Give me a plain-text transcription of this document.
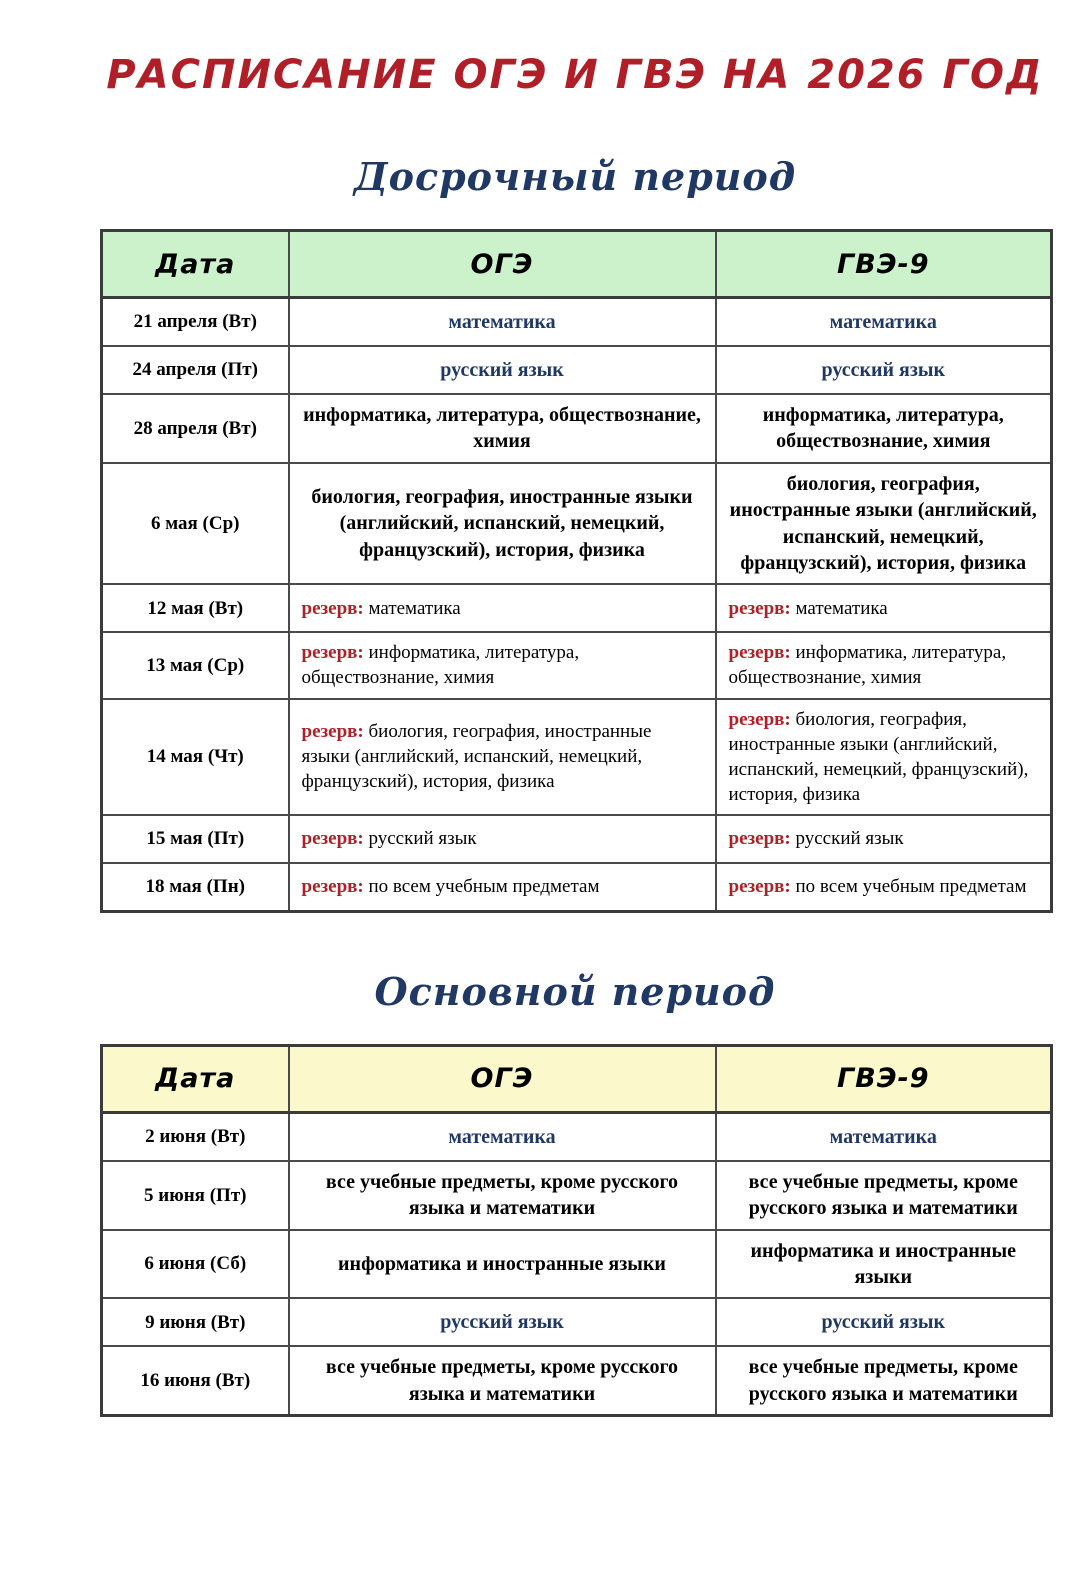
РАСПИСАНИЕ ОГЭ И ГВЭ НА 2026 ГОД
Досрочный период
Дата	ОГЭ	ГВЭ-9
21 апреля (Вт)	математика	математика
24 апреля (Пт)	русский язык	русский язык
28 апреля (Вт)	информатика, литература, обществознание, химия	информатика, литература, обществознание, химия
6 мая (Ср)	биология, география, иностранные языки (английский, испанский, немецкий, французский), история, физика	биология, география, иностранные языки (английский, испанский, немецкий, французский), история, физика
12 мая (Вт)	резерв: математика	резерв: математика
13 мая (Ср)	резерв: информатика, литература, обществознание, химия	резерв: информатика, литература, обществознание, химия
14 мая (Чт)	резерв: биология, география, иностранные языки (английский, испанский, немецкий, французский), история, физика	резерв: биология, география, иностранные языки (английский, испанский, немецкий, французский), история, физика
15 мая (Пт)	резерв: русский язык	резерв: русский язык
18 мая (Пн)	резерв: по всем учебным предметам	резерв: по всем учебным предметам
Основной период
Дата	ОГЭ	ГВЭ-9
2 июня (Вт)	математика	математика
5 июня (Пт)	все учебные предметы, кроме русского языка и математики	все учебные предметы, кроме русского языка и математики
6 июня (Сб)	информатика и иностранные языки	информатика и иностранные языки
9 июня (Вт)	русский язык	русский язык
16 июня (Вт)	все учебные предметы, кроме русского языка и математики	все учебные предметы, кроме русского языка и математики
